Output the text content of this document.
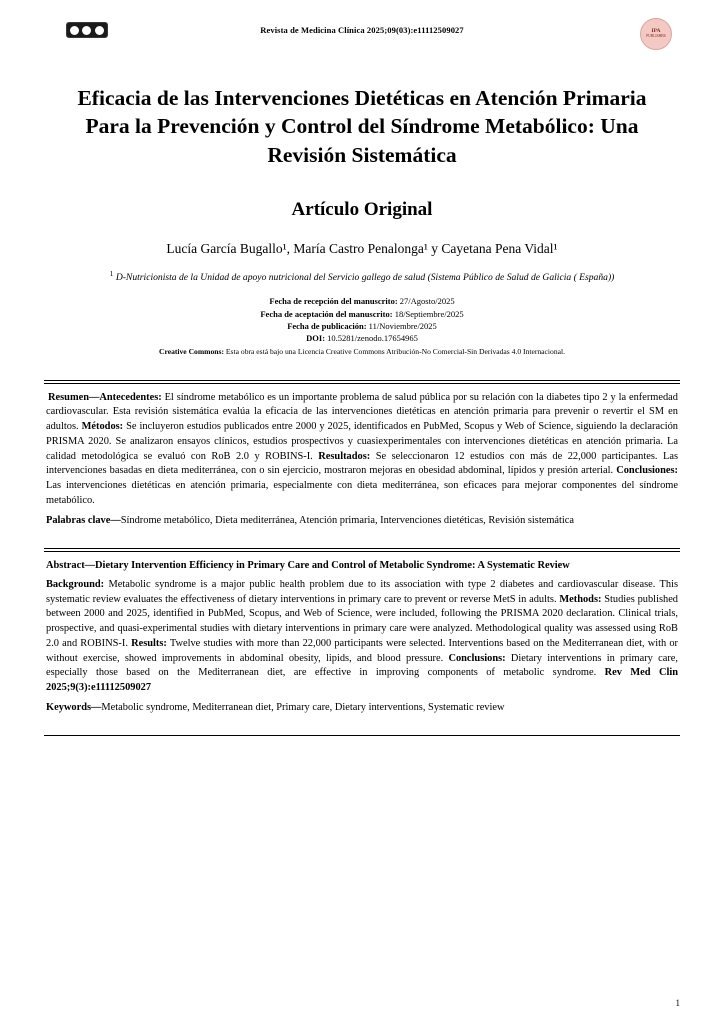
Revista de Medicina Clínica 2025;09(03):e11112509027	IPA
PUBLISHER
Eficacia de las Intervenciones Dietéticas en Atención Primaria Para la Prevención y Control del Síndrome Metabólico: Una Revisión Sistemática
Artículo Original
Lucía García Bugallo¹, María Castro Penalonga¹ y Cayetana Pena Vidal¹
$^1$ D-Nutricionista de la Unidad de apoyo nutricional del Servicio gallego de salud (Sistema Público de Salud de Galicia ( España))
Fecha de recepción del manuscrito: 27/Agosto/2025
Fecha de aceptación del manuscrito: 18/Septiembre/2025
Fecha de publicación: 11/Noviembre/2025
DOI: 10.5281/zenodo.17654965
Creative Commons: Esta obra está bajo una Licencia Creative Commons Atribución-No Comercial-Sin Derivadas 4.0 Internacional.
Resumen—Antecedentes: El síndrome metabólico es un importante problema de salud pública por su relación con la diabetes tipo 2 y la enfermedad cardiovascular. Esta revisión sistemática evalúa la eficacia de las intervenciones dietéticas en atención primaria para prevenir o revertir el SM en adultos. Métodos: Se incluyeron estudios publicados entre 2000 y 2025, identificados en PubMed, Scopus y Web of Science, siguiendo la declaración PRISMA 2020. Se analizaron ensayos clínicos, estudios prospectivos y cuasiexperimentales con intervenciones dietéticas en atención primaria. La calidad metodológica se evaluó con RoB 2.0 y ROBINS-I. Resultados: Se seleccionaron 12 estudios con más de 22,000 participantes. Las intervenciones basadas en dieta mediterránea, con o sin ejercicio, mostraron mejoras en obesidad abdominal, lípidos y presión arterial. Conclusiones: Las intervenciones dietéticas en atención primaria, especialmente con dieta mediterránea, son eficaces para mejorar componentes del síndrome metabólico.
Palabras clave—Síndrome metabólico, Dieta mediterránea, Atención primaria, Intervenciones dietéticas, Revisión sistemática
Abstract—Dietary Intervention Efficiency in Primary Care and Control of Metabolic Syndrome: A Systematic Review
Background: Metabolic syndrome is a major public health problem due to its association with type 2 diabetes and cardiovascular disease. This systematic review evaluates the effectiveness of dietary interventions in primary care to prevent or reverse MetS in adults. Methods: Studies published between 2000 and 2025, identified in PubMed, Scopus, and Web of Science, were included, following the PRISMA 2020 declaration. Clinical trials, prospective, and quasi-experimental studies with dietary interventions in primary care were analyzed. Methodological quality was assessed using RoB 2.0 and ROBINS-I. Results: Twelve studies with more than 22,000 participants were selected. Interventions based on the Mediterranean diet, with or without exercise, showed improvements in abdominal obesity, lipids, and blood pressure. Conclusions: Dietary interventions in primary care, especially those based on the Mediterranean diet, are effective in improving components of metabolic syndrome. Rev Med Clin 2025;9(3):e11112509027
Keywords—Metabolic syndrome, Mediterranean diet, Primary care, Dietary interventions, Systematic review
1
